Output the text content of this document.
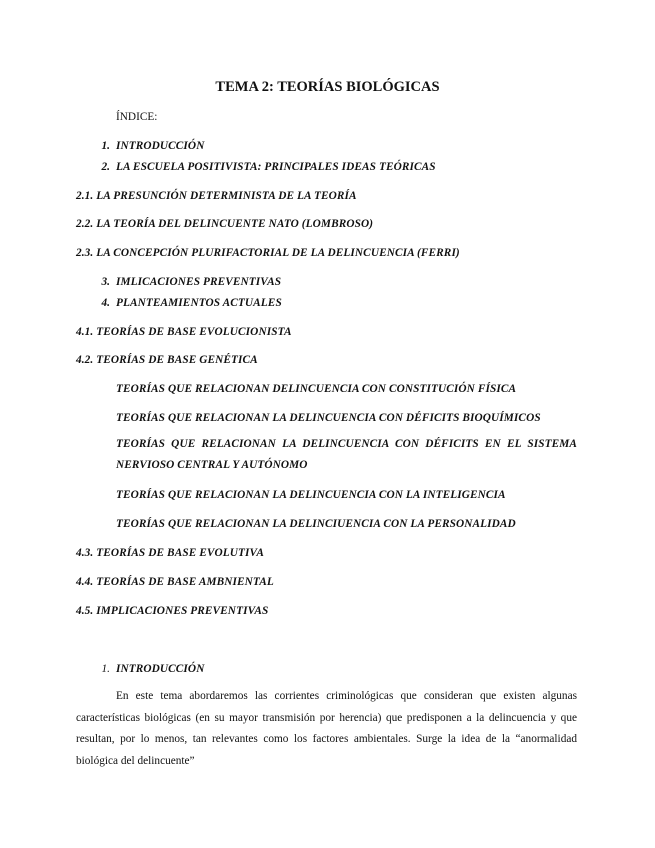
TEMA 2: TEORÍAS BIOLÓGICAS
ÍNDICE:
1. INTRODUCCIÓN
2. LA ESCUELA POSITIVISTA: PRINCIPALES IDEAS TEÓRICAS
2.1. LA PRESUNCIÓN DETERMINISTA DE LA TEORÍA
2.2. LA TEORÍA DEL DELINCUENTE NATO (LOMBROSO)
2.3. LA CONCEPCIÓN PLURIFACTORIAL DE LA DELINCUENCIA (FERRI)
3. IMLICACIONES PREVENTIVAS
4. PLANTEAMIENTOS ACTUALES
4.1. TEORÍAS DE BASE EVOLUCIONISTA
4.2. TEORÍAS DE BASE GENÉTICA
TEORÍAS QUE RELACIONAN DELINCUENCIA CON CONSTITUCIÓN FÍSICA
TEORÍAS QUE RELACIONAN LA DELINCUENCIA CON DÉFICITS BIOQUÍMICOS
TEORÍAS QUE RELACIONAN LA DELINCUENCIA CON DÉFICITS EN EL SISTEMA NERVIOSO CENTRAL Y AUTÓNOMO
TEORÍAS QUE RELACIONAN LA DELINCUENCIA CON LA INTELIGENCIA
TEORÍAS QUE RELACIONAN LA DELINCIUENCIA CON LA PERSONALIDAD
4.3. TEORÍAS DE BASE EVOLUTIVA
4.4. TEORÍAS DE BASE AMBNIENTAL
4.5. IMPLICACIONES PREVENTIVAS
1. INTRODUCCIÓN
En este tema abordaremos las corrientes criminológicas que consideran que existen algunas características biológicas (en su mayor transmisión por herencia) que predisponen a la delincuencia y que resultan, por lo menos, tan relevantes como los factores ambientales. Surge la idea de la “anormalidad biológica del delincuente”
